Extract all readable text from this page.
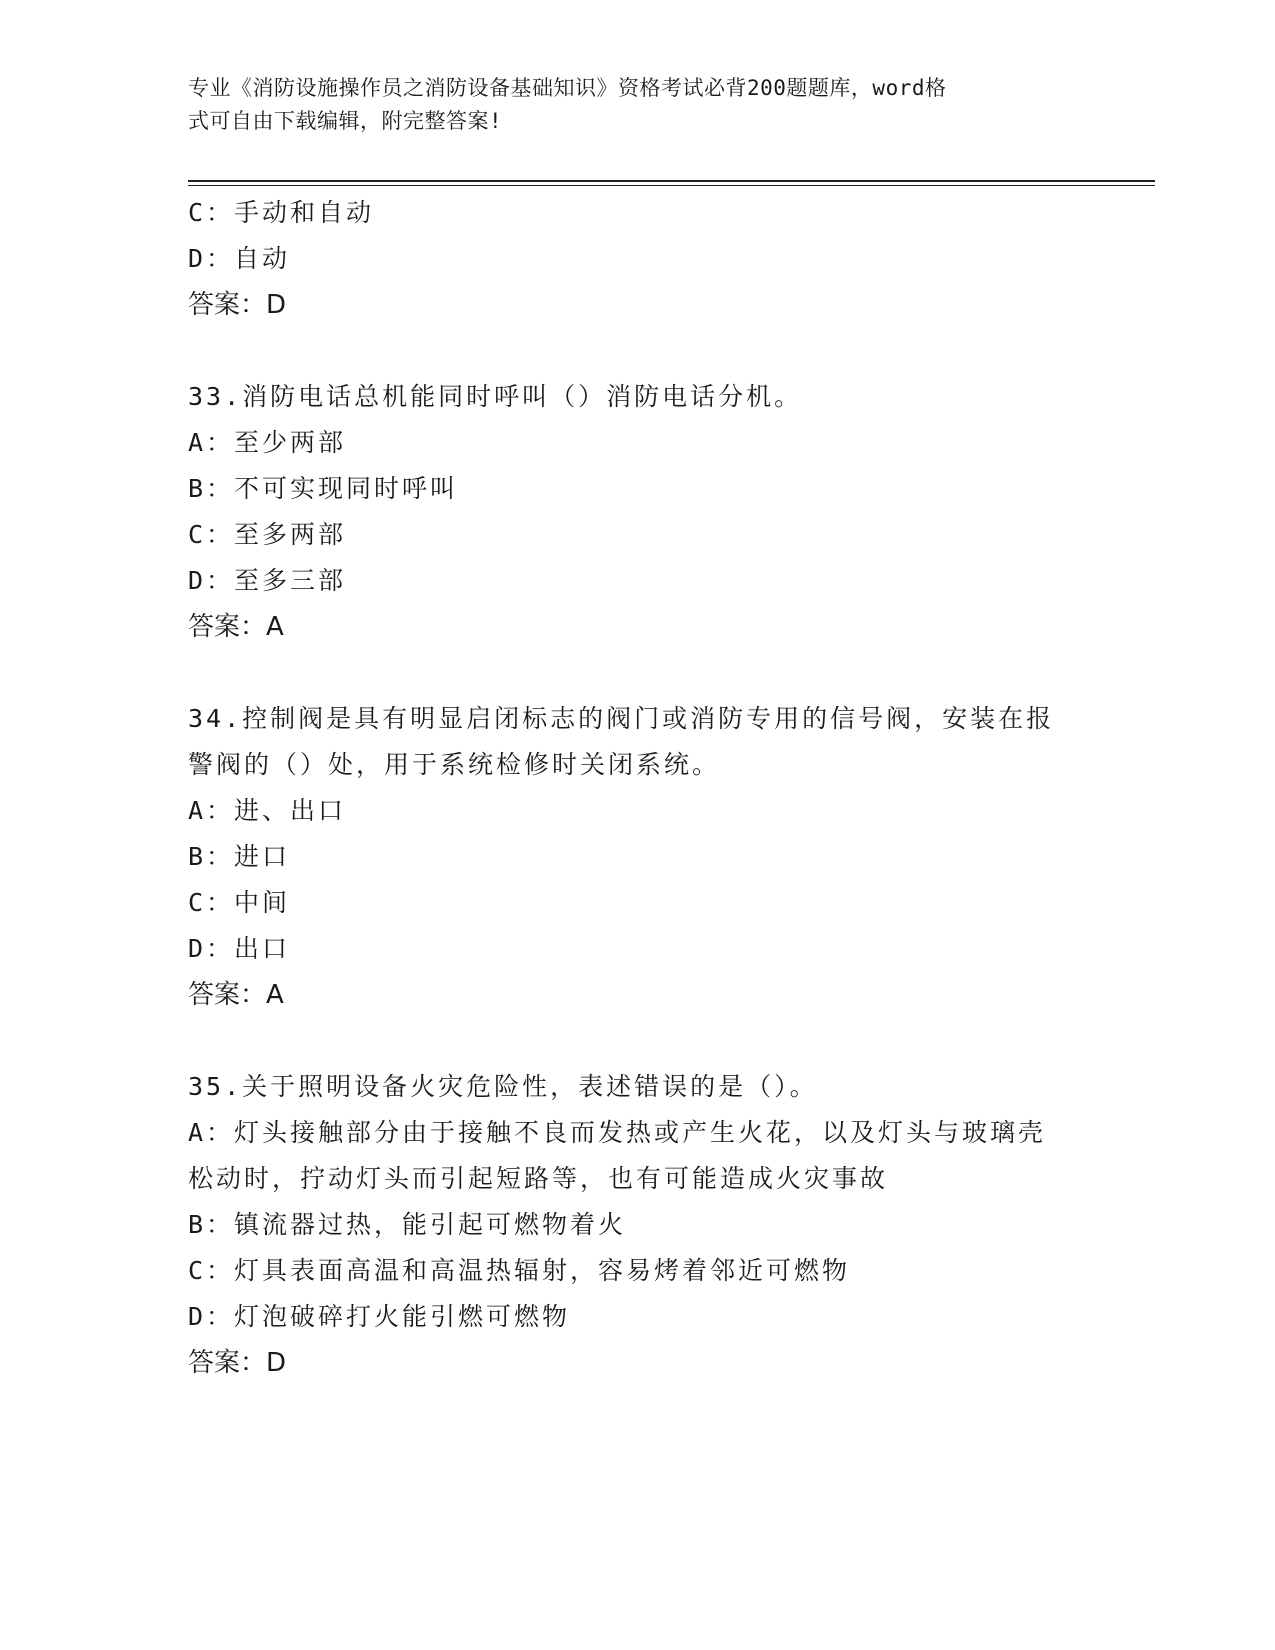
专业《消防设施操作员之消防设备基础知识》资格考试必背200题题库，word格
式可自由下载编辑，附完整答案!
C：手动和自动
D：自动
答案：D
33.消防电话总机能同时呼叫（）消防电话分机。
A：至少两部
B：不可实现同时呼叫
C：至多两部
D：至多三部
答案：A
34.控制阀是具有明显启闭标志的阀门或消防专用的信号阀，安装在报
警阀的（）处，用于系统检修时关闭系统。
A：进、出口
B：进口
C：中间
D：出口
答案：A
35.关于照明设备火灾危险性，表述错误的是（）。
A：灯头接触部分由于接触不良而发热或产生火花，以及灯头与玻璃壳
松动时，拧动灯头而引起短路等，也有可能造成火灾事故
B：镇流器过热，能引起可燃物着火
C：灯具表面高温和高温热辐射，容易烤着邻近可燃物
D：灯泡破碎打火能引燃可燃物
答案：D
